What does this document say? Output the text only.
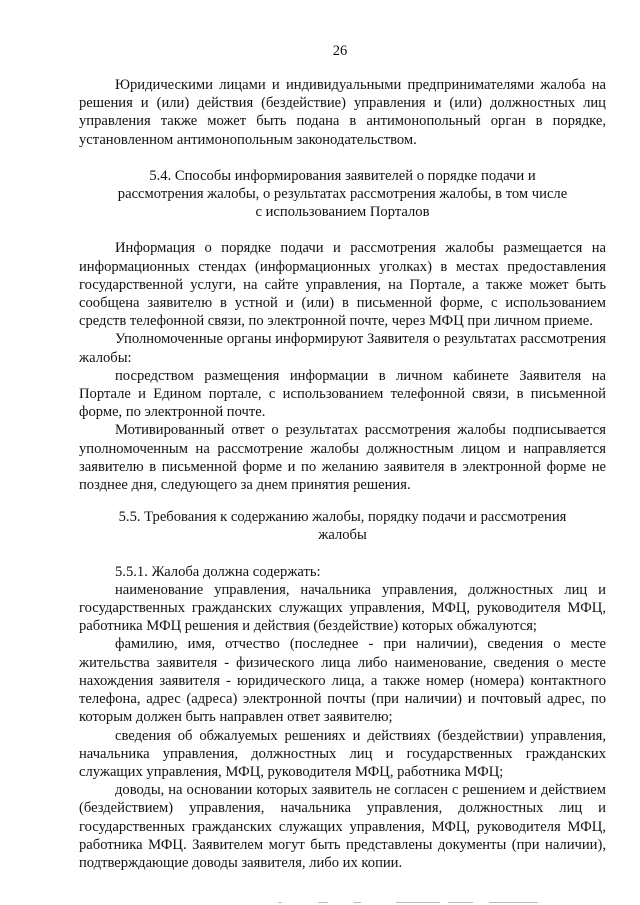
26

Юридическими лицами и индивидуальными предпринимателями жалоба на решения и (или) действия (бездействие) управления и (или) должностных лиц управления также может быть подана в антимонопольный орган в порядке, установленном антимонопольным законодательством.

5.4. Способы информирования заявителей о порядке подачи и рассмотрения жалобы, о результатах рассмотрения жалобы, в том числе с использованием Порталов

Информация о порядке подачи и рассмотрения жалобы размещается на информационных стендах (информационных уголках) в местах предоставления государственной услуги, на сайте управления, на Портале, а также может быть сообщена заявителю в устной и (или) в письменной форме, с использованием средств телефонной связи, по электронной почте, через МФЦ при личном приеме.

Уполномоченные органы информируют Заявителя о результатах рассмотрения жалобы:

посредством размещения информации в личном кабинете Заявителя на Портале и Едином портале, с использованием телефонной связи, в письменной форме, по электронной почте.

Мотивированный ответ о результатах рассмотрения жалобы подписывается уполномоченным на рассмотрение жалобы должностным лицом и направляется заявителю в письменной форме и по желанию заявителя в электронной форме не позднее дня, следующего за днем принятия решения.

5.5. Требования к содержанию жалобы, порядку подачи и рассмотрения жалобы

5.5.1. Жалоба должна содержать:

наименование управления, начальника управления, должностных лиц и государственных гражданских служащих управления, МФЦ, руководителя МФЦ, работника МФЦ решения и действия (бездействие) которых обжалуются;

фамилию, имя, отчество (последнее - при наличии), сведения о месте жительства заявителя - физического лица либо наименование, сведения о месте нахождения заявителя - юридического лица, а также номер (номера) контактного телефона, адрес (адреса) электронной почты (при наличии) и почтовый адрес, по которым должен быть направлен ответ заявителю;

сведения об обжалуемых решениях и действиях (бездействии) управления, начальника управления, должностных лиц и государственных гражданских служащих управления, МФЦ, руководителя МФЦ, работника МФЦ;

доводы, на основании которых заявитель не согласен с решением и действием (бездействием) управления, начальника управления, должностных лиц и государственных гражданских служащих управления, МФЦ, руководителя МФЦ, работника МФЦ. Заявителем могут быть представлены документы (при наличии), подтверждающие доводы заявителя, либо их копии.
